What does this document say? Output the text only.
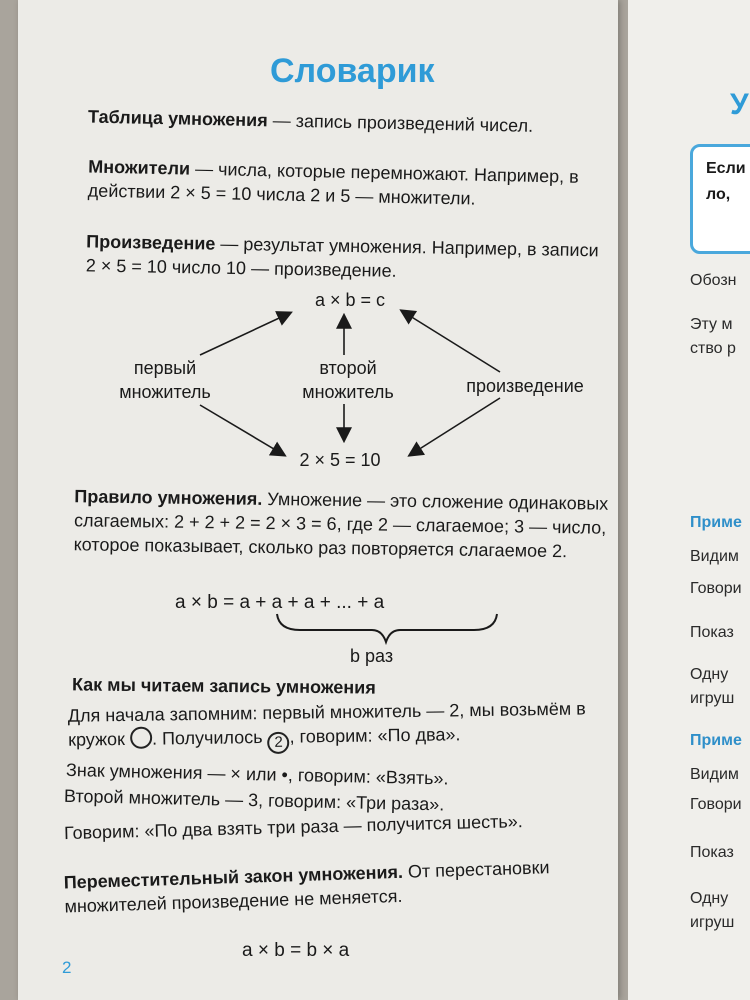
Словарик

Таблица умножения — запись произведений чисел.

Множители — числа, которые перемножают. Например, в действии 2 × 5 = 10 числа 2 и 5 — множители.

Произведение — результат умножения. Например, в записи 2 × 5 = 10 число 10 — произведение.

a × b = c
первый
множитель
второй
множитель	произведение
2 × 5 = 10

Правило умножения. Умножение — это сложение одинаковых слагаемых: 2 + 2 + 2 = 2 × 3 = 6, где 2 — слагаемое; 3 — число, которое показывает, сколько раз повторяется слагаемое 2.

a × b = a + a + a + ... + a
b раз
Как мы читаем запись умножения

Для начала запомним: первый множитель — 2, мы возьмём в кружок . Получилось 2 , говорим: «По два».

Знак умножения — × или •, говорим: «Взять».

Второй множитель — 3, говорим: «Три раза».

Говорим: «По два взять три раза — получится шесть».

Переместительный закон умножения. От перестановки множителей произведение не меняется.

a × b = b × a
2
У
Если
ло,
Обозн
Эту м
ство р
Приме
Видим
Говори
Показ
Одну
игруш
Приме
Видим
Говори
Показ
Одну
игруш
